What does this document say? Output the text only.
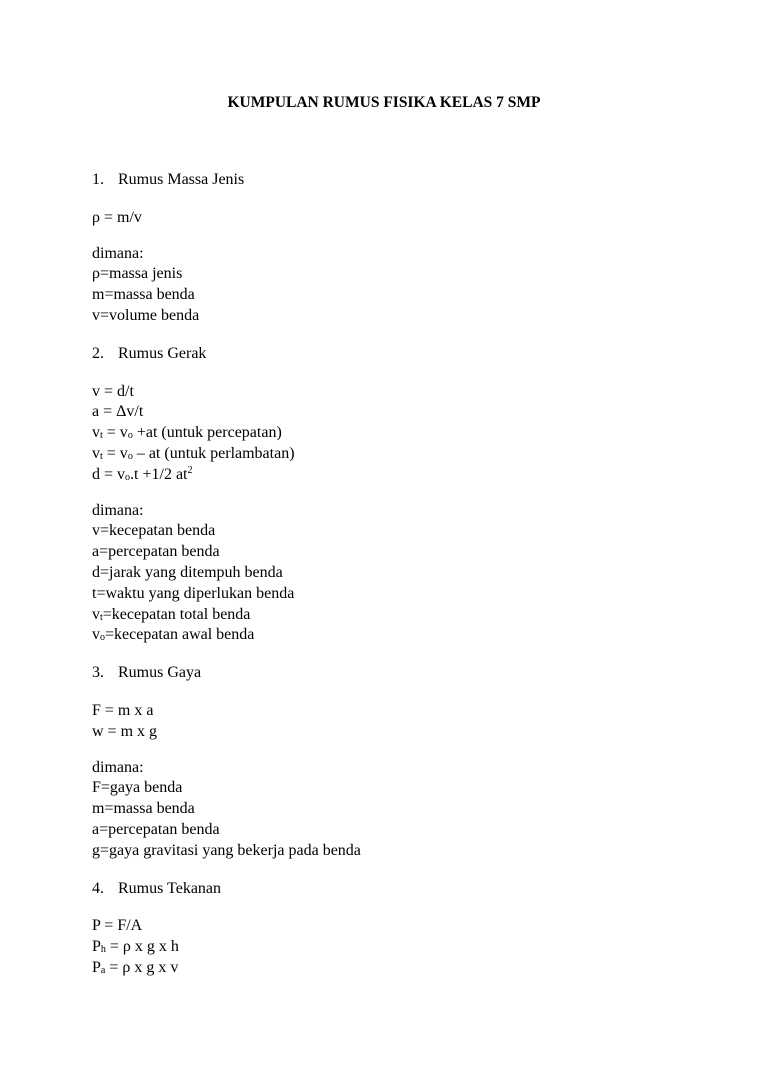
KUMPULAN RUMUS FISIKA KELAS 7 SMP
1. Rumus Massa Jenis
ρ = m/v
dimana:
ρ=massa jenis
m=massa benda
v=volume benda
2. Rumus Gerak
v = d/t
a = Δv/t
$v_t = v_o +at$ (untuk percepatan)
$v_t = v_o$ – at (untuk perlambatan)
$d = v_o.t +1/2$ $at^2$
dimana:
v=kecepatan benda
a=percepatan benda
d=jarak yang ditempuh benda
t=waktu yang diperlukan benda
$v_t=kecepatan$ total benda
$v_o=kecepatan$ awal benda
3. Rumus Gaya
F = m x a
w = m x g
dimana:
F=gaya benda
m=massa benda
a=percepatan benda
g=gaya gravitasi yang bekerja pada benda
4. Rumus Tekanan
P = F/A
$P_h = \rho$ x g x h
$P_a = \rho$ x g x v
